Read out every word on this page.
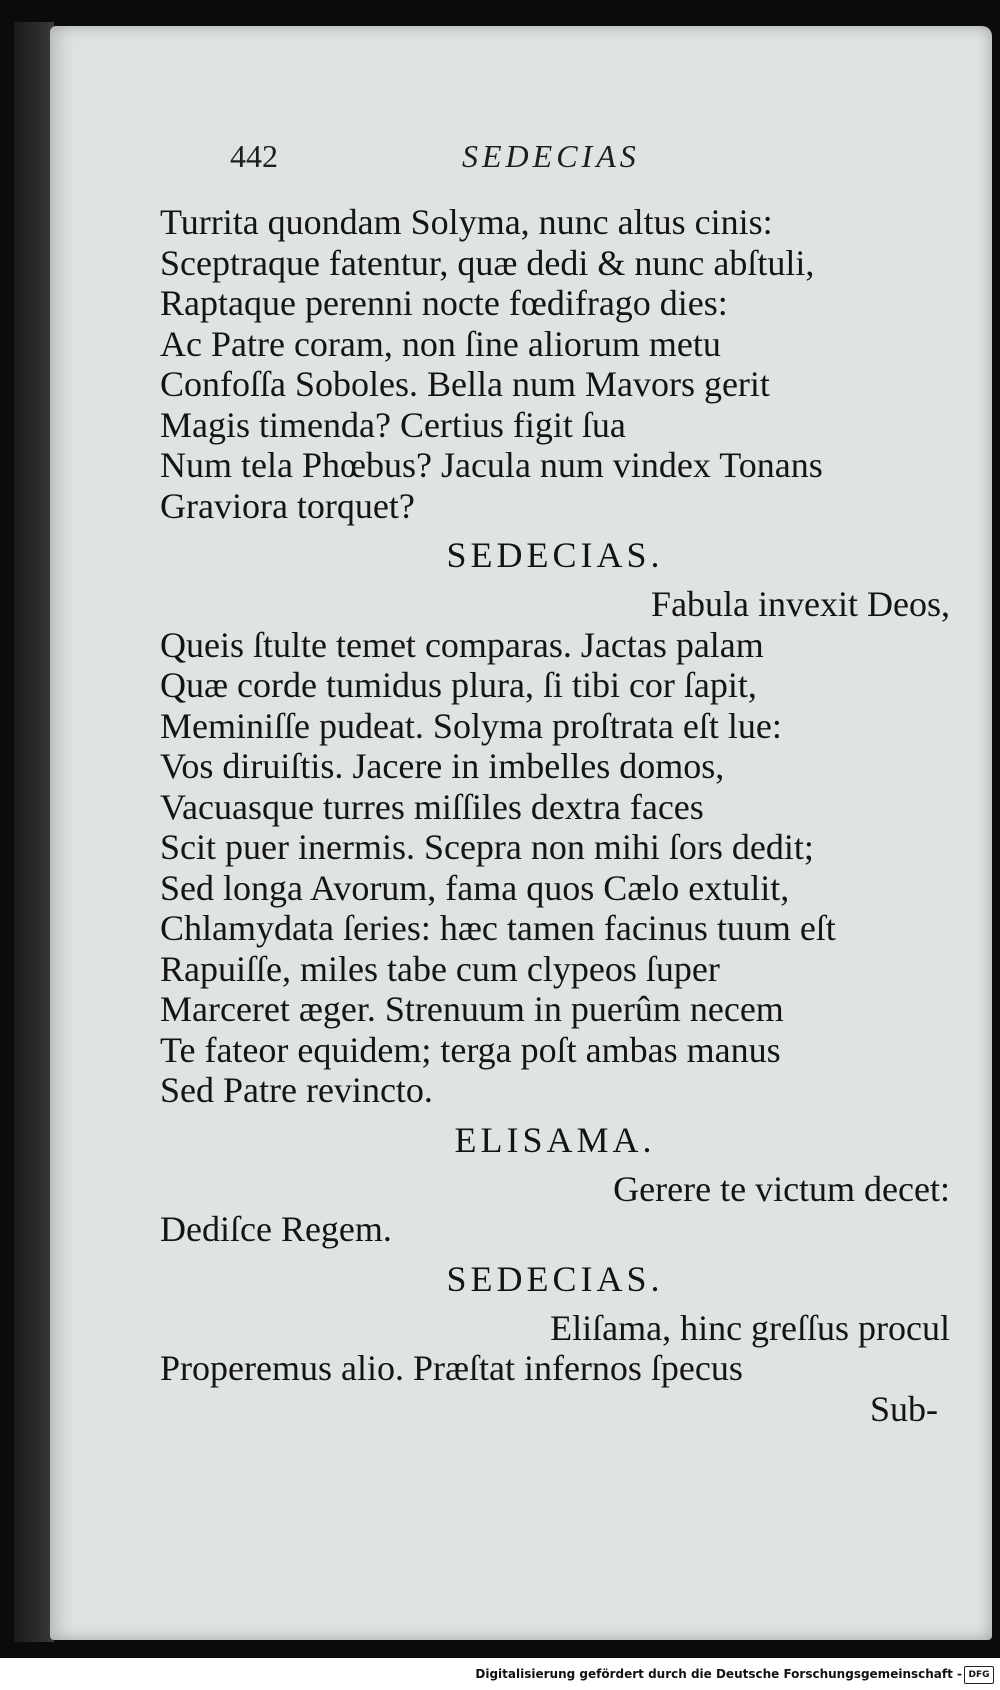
442	SEDECIAS
Turrita quondam Solyma, nunc altus cinis:
Sceptraque fatentur, quæ dedi & nunc abſtuli,
Raptaque perenni nocte fœdifrago dies:
Ac Patre coram, non ſine aliorum metu
Confoſſa Soboles. Bella num Mavors gerit
Magis timenda? Certius figit ſua
Num tela Phœbus? Jacula num vindex Tonans
Graviora torquet?
SEDECIAS.
Fabula invexit Deos,
Queis ſtulte temet comparas. Jactas palam
Quæ corde tumidus plura, ſi tibi cor ſapit,
Meminiſſe pudeat. Solyma proſtrata eſt lue:
Vos diruiſtis. Jacere in imbelles domos,
Vacuasque turres miſſiles dextra faces
Scit puer inermis. Scepra non mihi ſors dedit;
Sed longa Avorum, fama quos Cælo extulit,
Chlamydata ſeries: hæc tamen facinus tuum eſt
Rapuiſſe, miles tabe cum clypeos ſuper
Marceret æger. Strenuum in puerûm necem
Te fateor equidem; terga poſt ambas manus
Sed Patre revincto.
ELISAMA.
Gerere te victum decet:
Dediſce Regem.
SEDECIAS.
Eliſama, hinc greſſus procul
Properemus alio. Præſtat infernos ſpecus
Sub-
Digitalisierung gefördert durch die Deutsche Forschungsgemeinschaft - DFG
